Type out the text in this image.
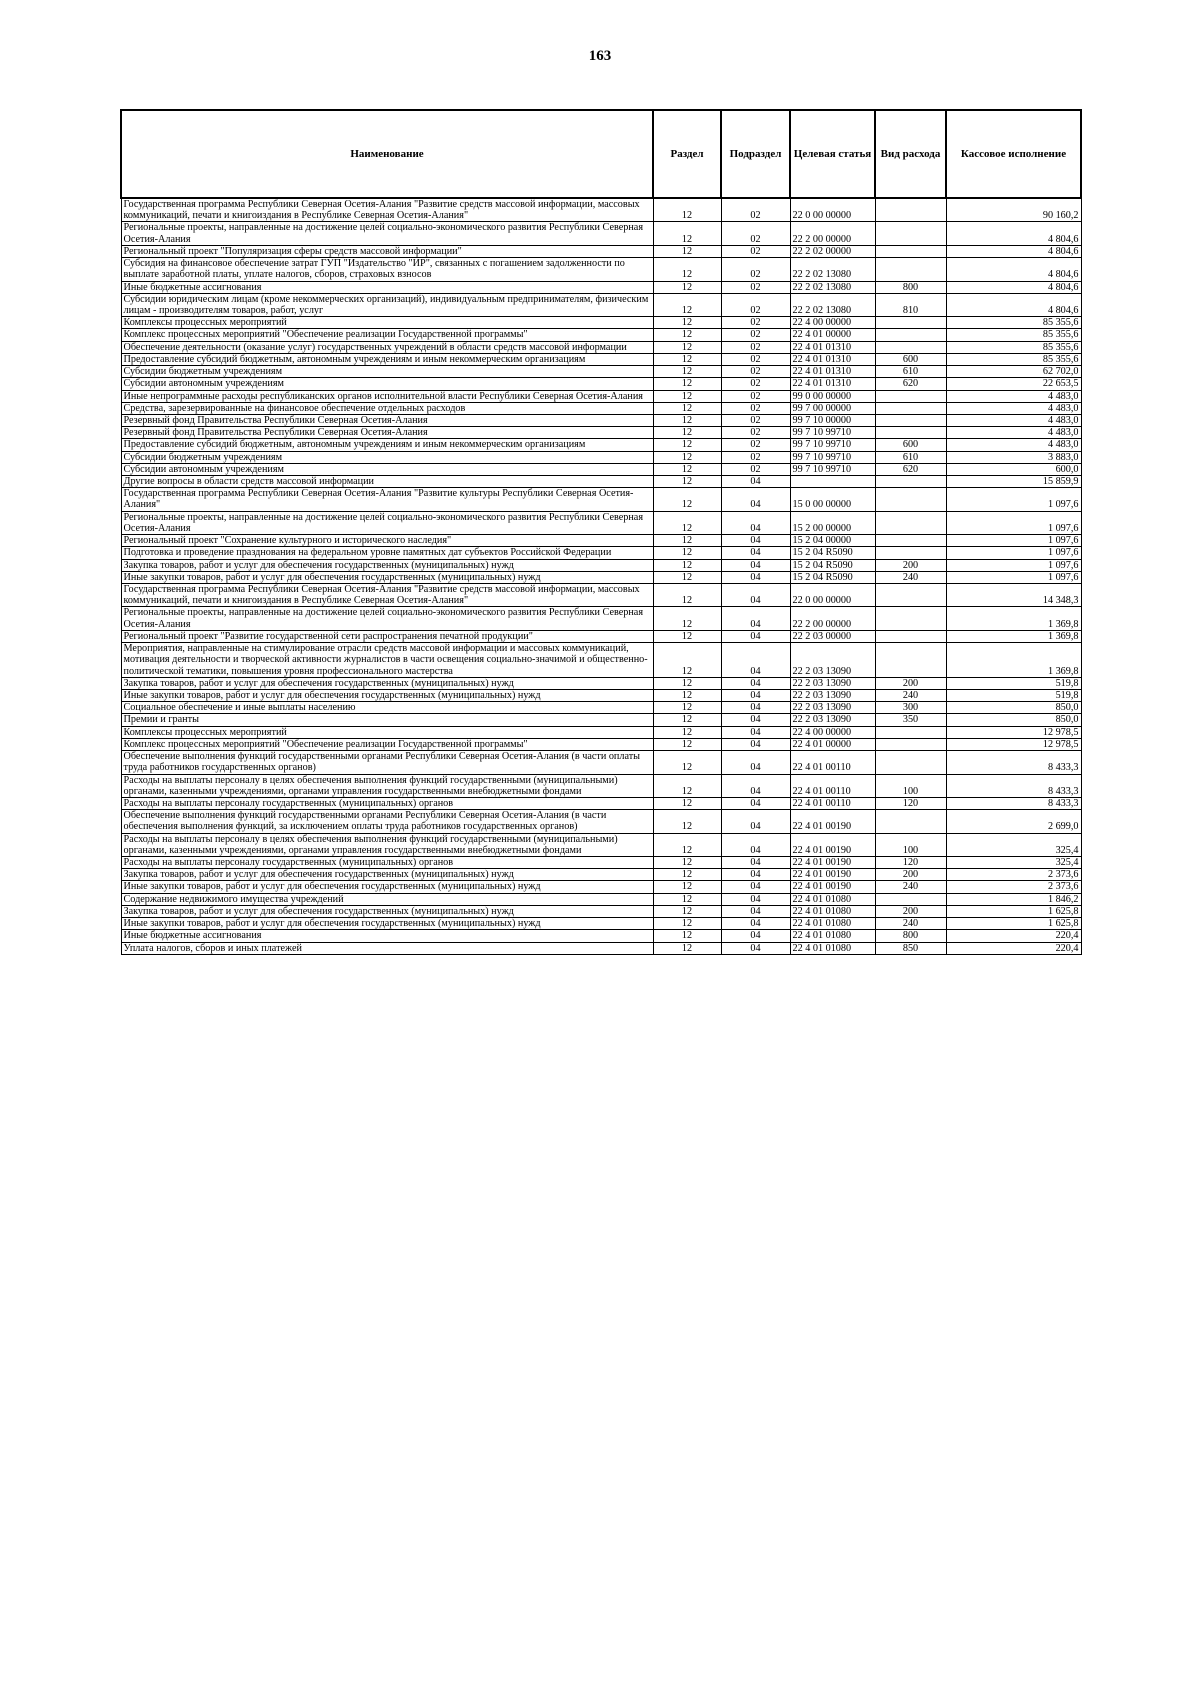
163
Наименование	Раздел	Подраздел	Целевая статья	Вид расхода	Кассовое исполнение
Государственная программа Республики Северная Осетия-Алания "Развитие средств массовой информации, массовых коммуникаций, печати и книгоиздания в Республике Северная Осетия-Алания"	12	02	22 0 00 00000		90 160,2
Региональные проекты, направленные на достижение целей социально-экономического развития Республики Северная Осетия-Алания	12	02	22 2 00 00000		4 804,6
Региональный проект "Популяризация сферы средств массовой информации"	12	02	22 2 02 00000		4 804,6
Субсидия на финансовое обеспечение затрат ГУП "Издательство "ИР", связанных с погашением задолженности по выплате заработной платы, уплате налогов, сборов, страховых взносов	12	02	22 2 02 13080		4 804,6
Иные бюджетные ассигнования	12	02	22 2 02 13080	800	4 804,6
Субсидии юридическим лицам (кроме некоммерческих организаций), индивидуальным предпринимателям, физическим лицам - производителям товаров, работ, услуг	12	02	22 2 02 13080	810	4 804,6
Комплексы процессных мероприятий	12	02	22 4 00 00000		85 355,6
Комплекс процессных мероприятий "Обеспечение реализации Государственной программы"	12	02	22 4 01 00000		85 355,6
Обеспечение деятельности (оказание услуг) государственных учреждений в области средств массовой информации	12	02	22 4 01 01310		85 355,6
Предоставление субсидий бюджетным, автономным учреждениям и иным некоммерческим организациям	12	02	22 4 01 01310	600	85 355,6
Субсидии бюджетным учреждениям	12	02	22 4 01 01310	610	62 702,0
Субсидии автономным учреждениям	12	02	22 4 01 01310	620	22 653,5
Иные непрограммные расходы республиканских органов исполнительной власти Республики Северная Осетия-Алания	12	02	99 0 00 00000		4 483,0
Средства, зарезервированные на финансовое обеспечение отдельных расходов	12	02	99 7 00 00000		4 483,0
Резервный фонд Правительства Республики Северная Осетия-Алания	12	02	99 7 10 00000		4 483,0
Резервный фонд Правительства Республики Северная Осетия-Алания	12	02	99 7 10 99710		4 483,0
Предоставление субсидий бюджетным, автономным учреждениям и иным некоммерческим организациям	12	02	99 7 10 99710	600	4 483,0
Субсидии бюджетным учреждениям	12	02	99 7 10 99710	610	3 883,0
Субсидии автономным учреждениям	12	02	99 7 10 99710	620	600,0
Другие вопросы в области средств массовой информации	12	04			15 859,9
Государственная программа Республики Северная Осетия-Алания "Развитие культуры Республики Северная Осетия-Алания"	12	04	15 0 00 00000		1 097,6
Региональные проекты, направленные на достижение целей социально-экономического развития Республики Северная Осетия-Алания	12	04	15 2 00 00000		1 097,6
Региональный проект "Сохранение культурного и исторического наследия"	12	04	15 2 04 00000		1 097,6
Подготовка и проведение празднования на федеральном уровне памятных дат субъектов Российской Федерации	12	04	15 2 04 R5090		1 097,6
Закупка товаров, работ и услуг для обеспечения государственных (муниципальных) нужд	12	04	15 2 04 R5090	200	1 097,6
Иные закупки товаров, работ и услуг для обеспечения государственных (муниципальных) нужд	12	04	15 2 04 R5090	240	1 097,6
Государственная программа Республики Северная Осетия-Алания "Развитие средств массовой информации, массовых коммуникаций, печати и книгоиздания в Республике Северная Осетия-Алания"	12	04	22 0 00 00000		14 348,3
Региональные проекты, направленные на достижение целей социально-экономического развития Республики Северная Осетия-Алания	12	04	22 2 00 00000		1 369,8
Региональный проект "Развитие государственной сети распространения печатной продукции"	12	04	22 2 03 00000		1 369,8
Мероприятия, направленные на стимулирование отрасли средств массовой информации и массовых коммуникаций, мотивация деятельности и творческой активности журналистов в части освещения социально-значимой и общественно-политической тематики, повышения уровня профессионального мастерства	12	04	22 2 03 13090		1 369,8
Закупка товаров, работ и услуг для обеспечения государственных (муниципальных) нужд	12	04	22 2 03 13090	200	519,8
Иные закупки товаров, работ и услуг для обеспечения государственных (муниципальных) нужд	12	04	22 2 03 13090	240	519,8
Социальное обеспечение и иные выплаты населению	12	04	22 2 03 13090	300	850,0
Премии и гранты	12	04	22 2 03 13090	350	850,0
Комплексы процессных мероприятий	12	04	22 4 00 00000		12 978,5
Комплекс процессных мероприятий "Обеспечение реализации Государственной программы"	12	04	22 4 01 00000		12 978,5
Обеспечение выполнения функций государственными органами Республики Северная Осетия-Алания (в части оплаты труда работников государственных органов)	12	04	22 4 01 00110		8 433,3
Расходы на выплаты персоналу в целях обеспечения выполнения функций государственными (муниципальными) органами, казенными учреждениями, органами управления государственными внебюджетными фондами	12	04	22 4 01 00110	100	8 433,3
Расходы на выплаты персоналу государственных (муниципальных) органов	12	04	22 4 01 00110	120	8 433,3
Обеспечение выполнения функций государственными органами Республики Северная Осетия-Алания (в части обеспечения выполнения функций, за исключением оплаты труда работников государственных органов)	12	04	22 4 01 00190		2 699,0
Расходы на выплаты персоналу в целях обеспечения выполнения функций государственными (муниципальными) органами, казенными учреждениями, органами управления государственными внебюджетными фондами	12	04	22 4 01 00190	100	325,4
Расходы на выплаты персоналу государственных (муниципальных) органов	12	04	22 4 01 00190	120	325,4
Закупка товаров, работ и услуг для обеспечения государственных (муниципальных) нужд	12	04	22 4 01 00190	200	2 373,6
Иные закупки товаров, работ и услуг для обеспечения государственных (муниципальных) нужд	12	04	22 4 01 00190	240	2 373,6
Содержание недвижимого имущества учреждений	12	04	22 4 01 01080		1 846,2
Закупка товаров, работ и услуг для обеспечения государственных (муниципальных) нужд	12	04	22 4 01 01080	200	1 625,8
Иные закупки товаров, работ и услуг для обеспечения государственных (муниципальных) нужд	12	04	22 4 01 01080	240	1 625,8
Иные бюджетные ассигнования	12	04	22 4 01 01080	800	220,4
Уплата налогов, сборов и иных платежей	12	04	22 4 01 01080	850	220,4
